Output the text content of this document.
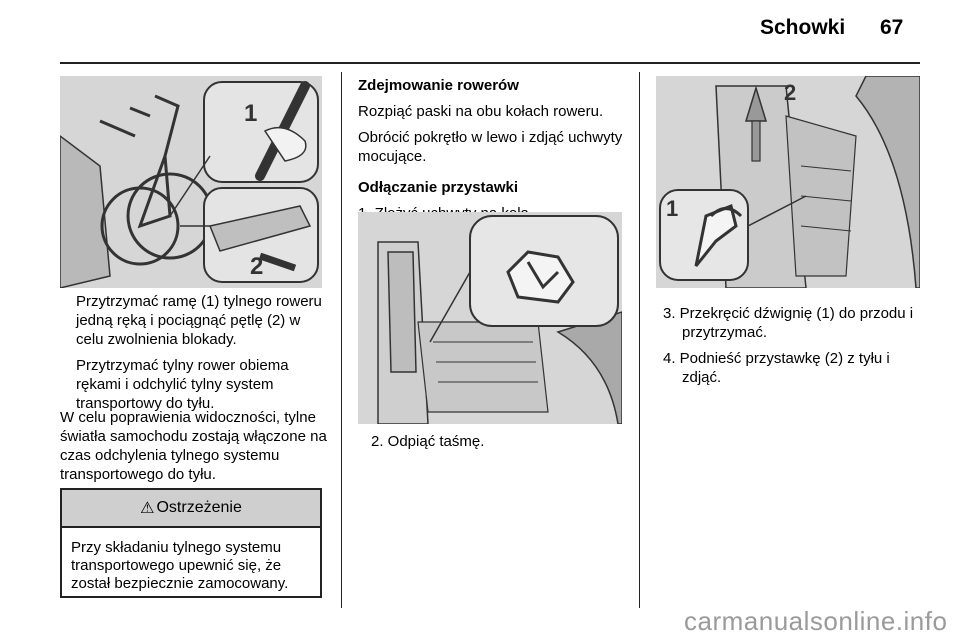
Schowki 67
1
2

Przytrzymać ramę (1) tylnego roweru jedną ręką i pociągnąć pętlę (2) w celu zwolnienia blokady.

Przytrzymać tylny rower obiema rękami i odchylić tylny system transportowy do tyłu.

W celu poprawienia widoczności, tylne światła samochodu zostają włączone na czas odchylenia tylnego systemu transportowego do tyłu.

⚠ Ostrzeżenie
Przy składaniu tylnego systemu transportowego upewnić się, że został bezpiecznie zamocowany.

Zdejmowanie rowerów

Rozpiąć paski na obu kołach roweru.

Obrócić pokrętło w lewo i zdjąć uchwyty mocujące.

Odłączanie przystawki

2. Odpiąć taśmę.

2
1

3. Przekręcić dźwignię (1) do przodu i przytrzymać.

4. Podnieść przystawkę (2) z tyłu i zdjąć.

carmanualsonline.info
